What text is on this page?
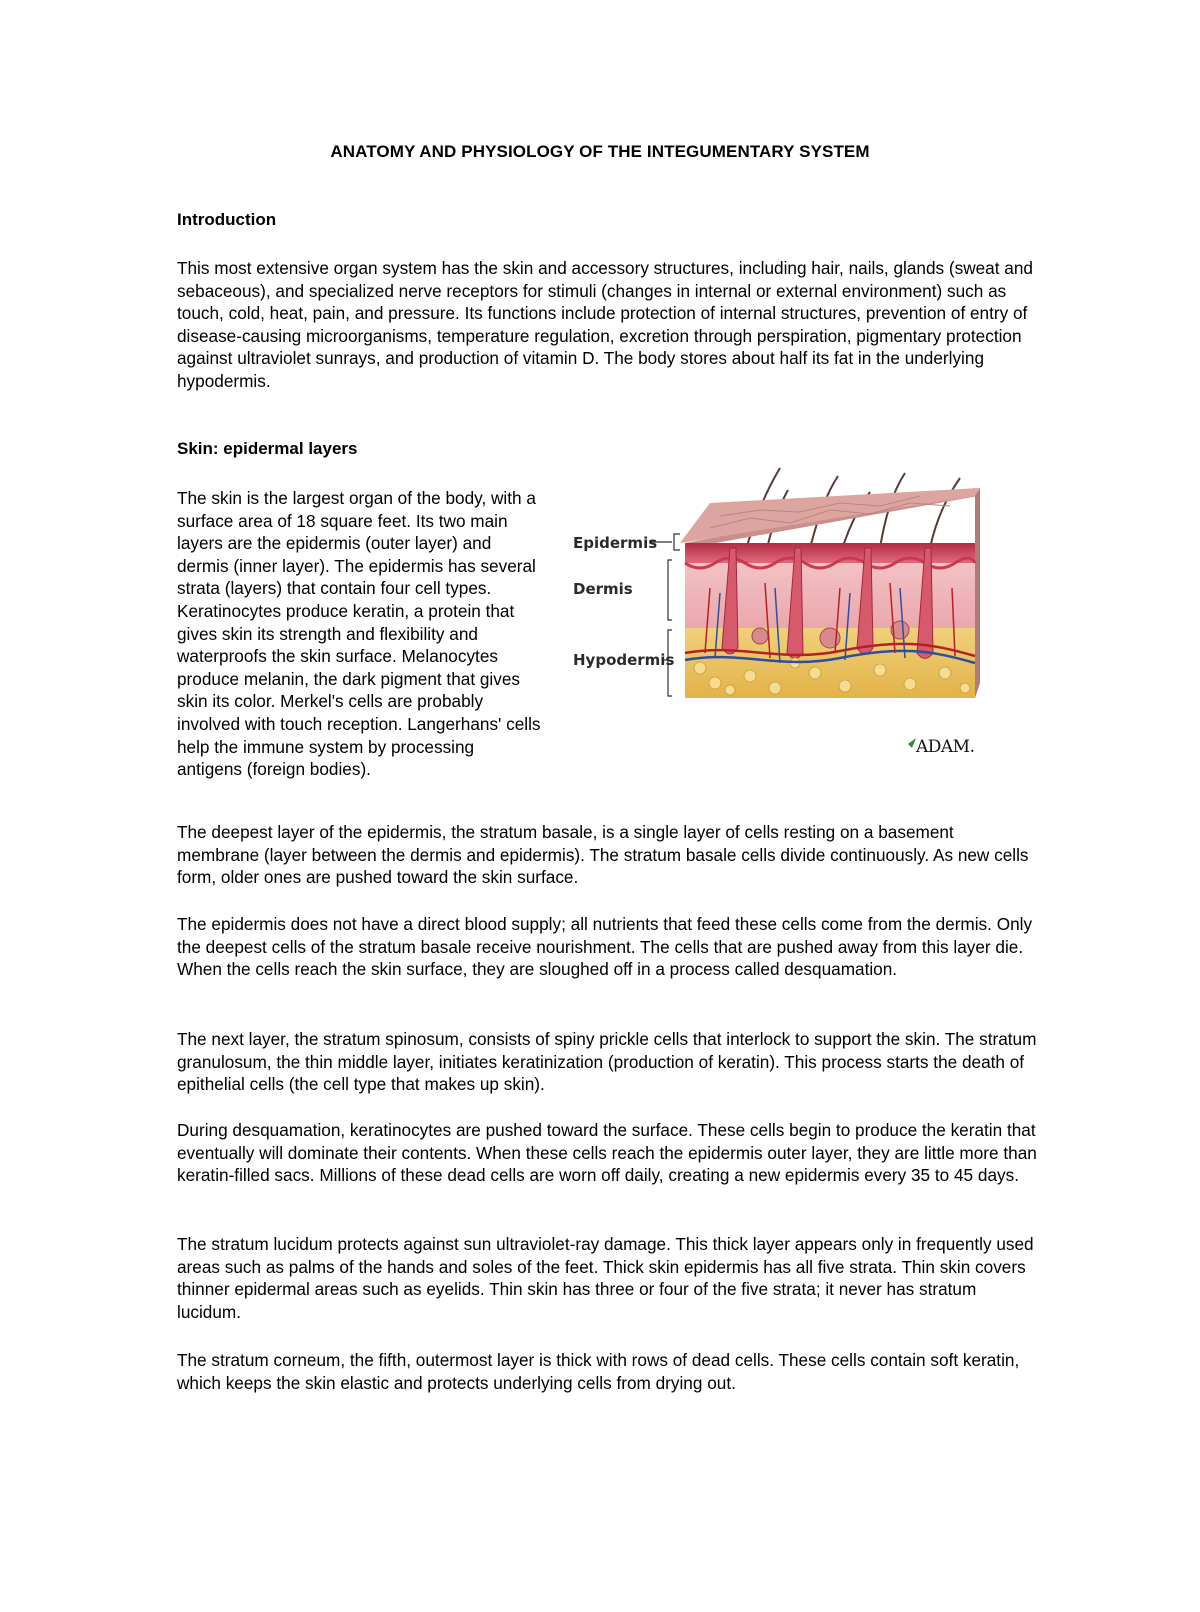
ANATOMY AND PHYSIOLOGY OF THE INTEGUMENTARY SYSTEM
Introduction
This most extensive organ system has the skin and accessory structures, including hair, nails, glands (sweat and sebaceous), and specialized nerve receptors for stimuli (changes in internal or external environment) such as touch, cold, heat, pain, and pressure. Its functions include protection of internal structures, prevention of entry of disease-causing microorganisms, temperature regulation, excretion through perspiration, pigmentary protection against ultraviolet sunrays, and production of vitamin D. The body stores about half its fat in the underlying hypodermis.
Skin: epidermal layers
The skin is the largest organ of the body, with a surface area of 18 square feet. Its two main layers are the epidermis (outer layer) and dermis (inner layer). The epidermis has several strata (layers) that contain four cell types. Keratinocytes produce keratin, a protein that gives skin its strength and flexibility and waterproofs the skin surface. Melanocytes produce melanin, the dark pigment that gives skin its color. Merkel's cells are probably involved with touch reception. Langerhans' cells help the immune system by processing antigens (foreign bodies).
Epidermis
Dermis
Hypodermis
ADAM.
The deepest layer of the epidermis, the stratum basale, is a single layer of cells resting on a basement membrane (layer between the dermis and epidermis). The stratum basale cells divide continuously. As new cells form, older ones are pushed toward the skin surface.
The epidermis does not have a direct blood supply; all nutrients that feed these cells come from the dermis. Only the deepest cells of the stratum basale receive nourishment. The cells that are pushed away from this layer die. When the cells reach the skin surface, they are sloughed off in a process called desquamation.
The next layer, the stratum spinosum, consists of spiny prickle cells that interlock to support the skin. The stratum granulosum, the thin middle layer, initiates keratinization (production of keratin). This process starts the death of epithelial cells (the cell type that makes up skin).
During desquamation, keratinocytes are pushed toward the surface. These cells begin to produce the keratin that eventually will dominate their contents. When these cells reach the epidermis outer layer, they are little more than keratin-filled sacs. Millions of these dead cells are worn off daily, creating a new epidermis every 35 to 45 days.
The stratum lucidum protects against sun ultraviolet-ray damage. This thick layer appears only in frequently used areas such as palms of the hands and soles of the feet. Thick skin epidermis has all five strata. Thin skin covers thinner epidermal areas such as eyelids. Thin skin has three or four of the five strata; it never has stratum lucidum.
The stratum corneum, the fifth, outermost layer is thick with rows of dead cells. These cells contain soft keratin, which keeps the skin elastic and protects underlying cells from drying out.
